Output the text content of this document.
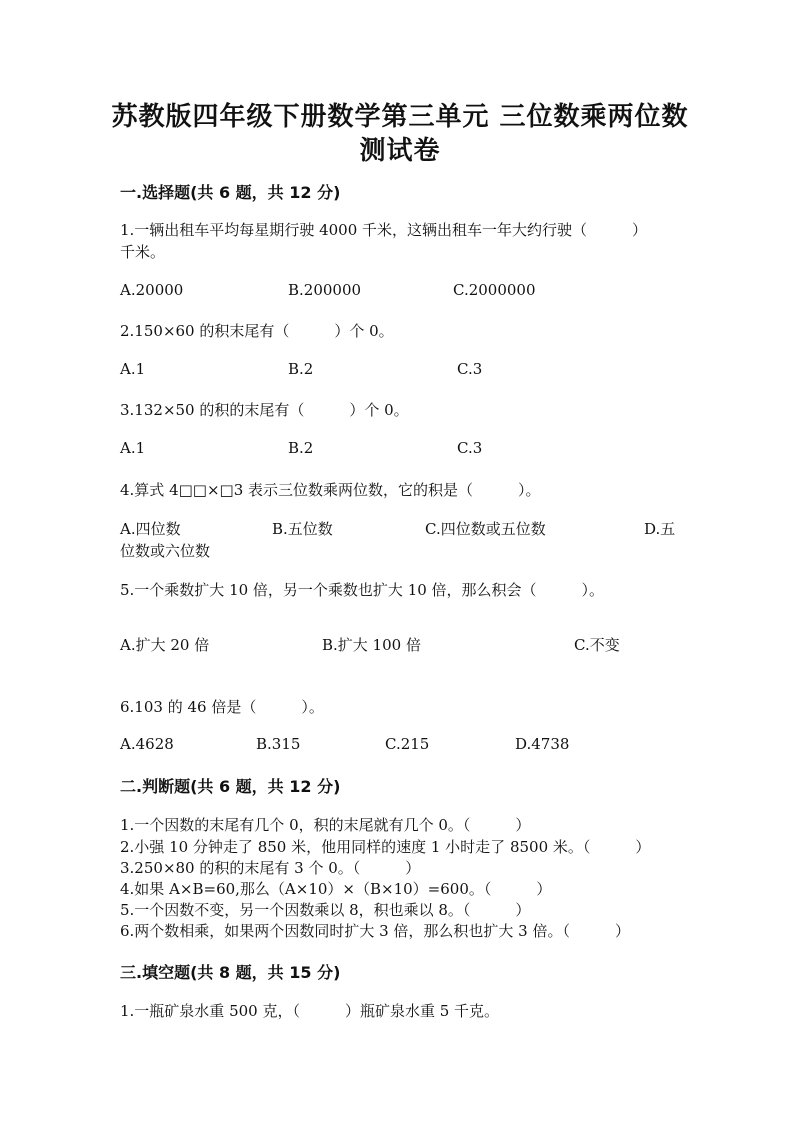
苏教版四年级下册数学第三单元 三位数乘两位数
测试卷
一.选择题(共 6 题，共 12 分)
1.一辆出租车平均每星期行驶 4000 千米，这辆出租车一年大约行驶（　　　）
千米。
A.20000	B.200000	C.2000000
2.150×60 的积末尾有（　　　）个 0。
A.1	B.2	C.3
3.132×50 的积的末尾有（　　　）个 0。
A.1	B.2	C.3
4.算式 4□□×□3 表示三位数乘两位数，它的积是（　　　）。
A.四位数	B.五位数	C.四位数或五位数	D.五
位数或六位数
5.一个乘数扩大 10 倍，另一个乘数也扩大 10 倍，那么积会（　　　）。
A.扩大 20 倍	B.扩大 100 倍	C.不变
6.103 的 46 倍是（　　　）。
A.4628	B.315	C.215	D.4738
二.判断题(共 6 题，共 12 分)
1.一个因数的末尾有几个 0，积的末尾就有几个 0。（　　　）
2.小强 10 分钟走了 850 米，他用同样的速度 1 小时走了 8500 米。（　　　）
3.250×80 的积的末尾有 3 个 0。（　　　）
4.如果 A×B=60,那么（A×10）×（B×10）=600。（　　　）
5.一个因数不变，另一个因数乘以 8，积也乘以 8。（　　　）
6.两个数相乘，如果两个因数同时扩大 3 倍，那么积也扩大 3 倍。（　　　）
三.填空题(共 8 题，共 15 分)
1.一瓶矿泉水重 500 克，（　　　）瓶矿泉水重 5 千克。
